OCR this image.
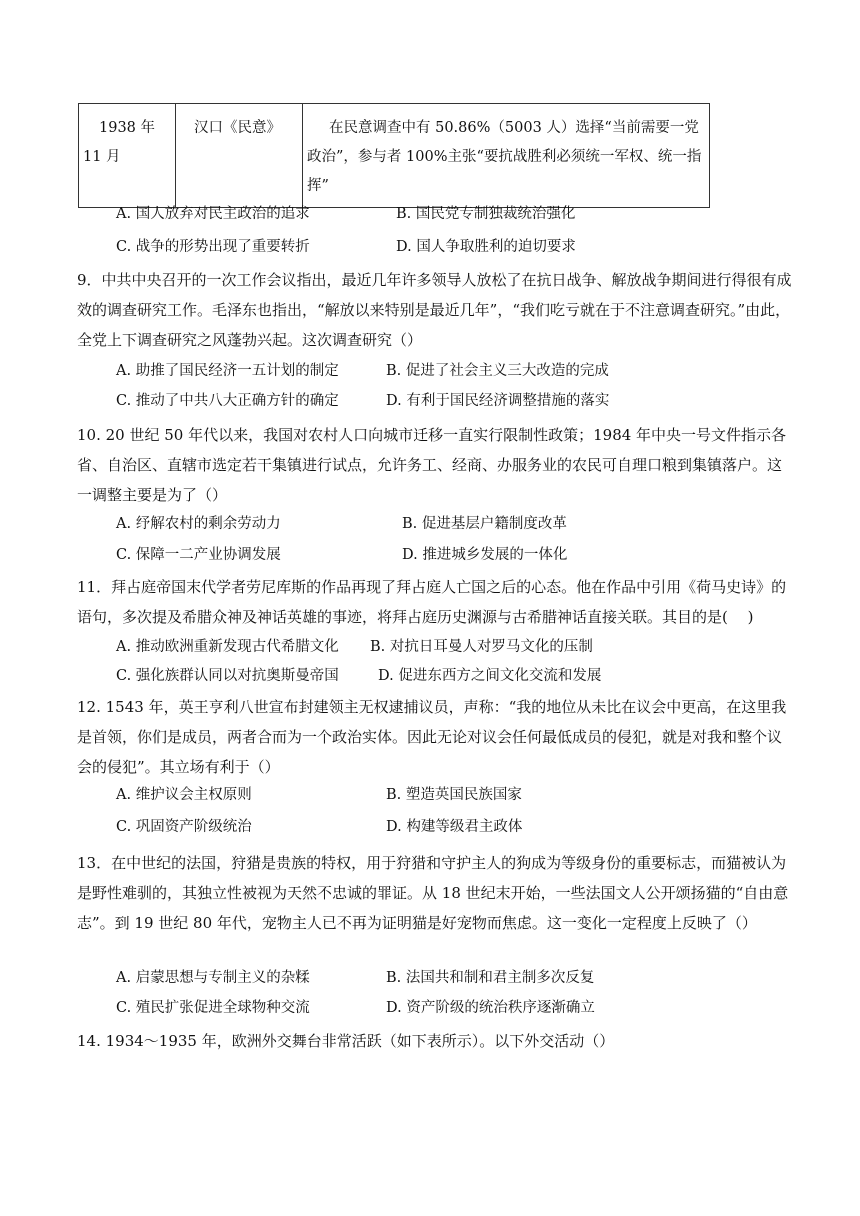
1938 年 11 月	汉口《民意》	在民意调查中有 50.86%（5003 人）选择“当前需要一党政治”，参与者 100%主张“要抗战胜利必须统一军权、统一指挥”
A. 国人放弃对民主政治的追求	B. 国民党专制独裁统治强化
C. 战争的形势出现了重要转折	D. 国人争取胜利的迫切要求
9．中共中央召开的一次工作会议指出，最近几年许多领导人放松了在抗日战争、解放战争期间进行得很有成效的调查研究工作。毛泽东也指出，“解放以来特别是最近几年”，“我们吃亏就在于不注意调查研究。”由此，全党上下调查研究之风蓬勃兴起。这次调查研究（）
A. 助推了国民经济一五计划的制定	B. 促进了社会主义三大改造的完成
C. 推动了中共八大正确方针的确定	D. 有利于国民经济调整措施的落实
10. 20 世纪 50 年代以来，我国对农村人口向城市迁移一直实行限制性政策；1984 年中央一号文件指示各省、自治区、直辖市选定若干集镇进行试点，允许务工、经商、办服务业的农民可自理口粮到集镇落户。这一调整主要是为了（）
A. 纾解农村的剩余劳动力	B. 促进基层户籍制度改革
C. 保障一二产业协调发展	D. 推进城乡发展的一体化
11．拜占庭帝国末代学者劳尼库斯的作品再现了拜占庭人亡国之后的心态。他在作品中引用《荷马史诗》的语句，多次提及希腊众神及神话英雄的事迹，将拜占庭历史渊源与古希腊神话直接关联。其目的是(　 )
A. 推动欧洲重新发现古代希腊文化 B. 对抗日耳曼人对罗马文化的压制
C. 强化族群认同以对抗奥斯曼帝国	D. 促进东西方之间文化交流和发展
12. 1543 年，英王亨利八世宣布封建领主无权逮捕议员，声称：“我的地位从未比在议会中更高，在这里我是首领，你们是成员，两者合而为一个政治实体。因此无论对议会任何最低成员的侵犯，就是对我和整个议会的侵犯”。其立场有利于（）
A. 维护议会主权原则	B. 塑造英国民族国家
C. 巩固资产阶级统治	D. 构建等级君主政体
13．在中世纪的法国，狩猎是贵族的特权，用于狩猎和守护主人的狗成为等级身份的重要标志，而猫被认为是野性难驯的，其独立性被视为天然不忠诚的罪证。从 18 世纪末开始，一些法国文人公开颂扬猫的“自由意志”。到 19 世纪 80 年代，宠物主人已不再为证明猫是好宠物而焦虑。这一变化一定程度上反映了（）
A. 启蒙思想与专制主义的杂糅	B. 法国共和制和君主制多次反复
C. 殖民扩张促进全球物种交流	D. 资产阶级的统治秩序逐渐确立
14. 1934～1935 年，欧洲外交舞台非常活跃（如下表所示）。以下外交活动（）
